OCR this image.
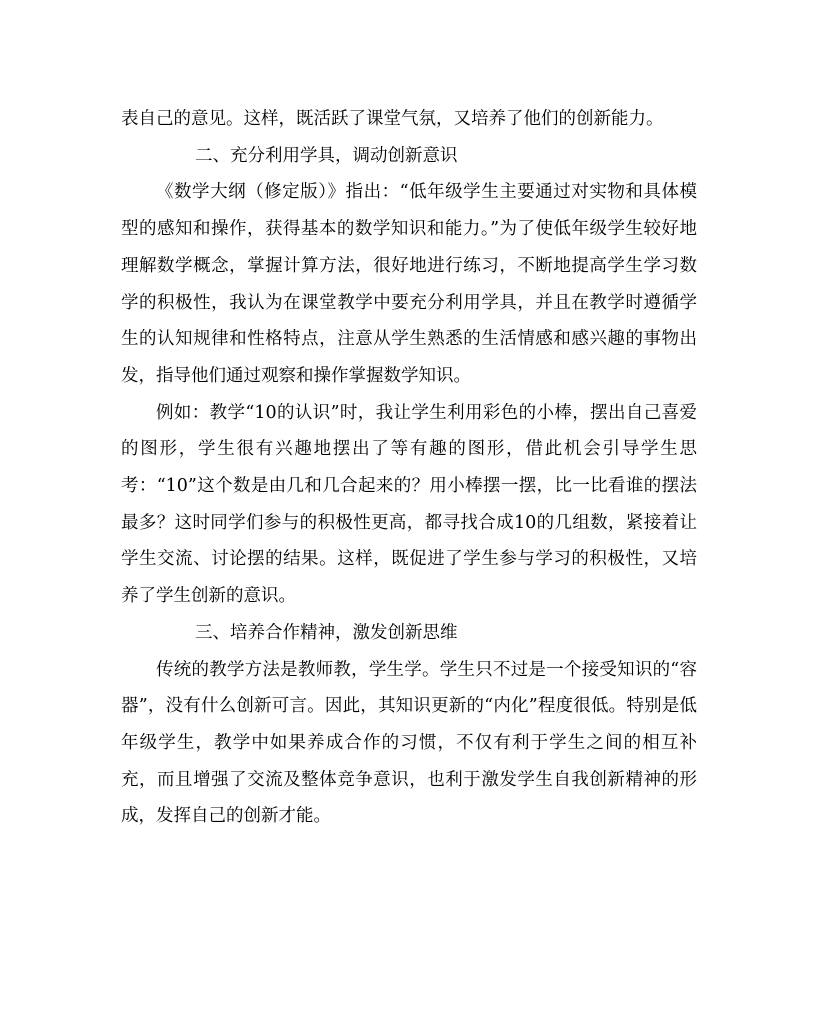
表自己的意见。这样，既活跃了课堂气氛，又培养了他们的创新能力。

二、充分利用学具，调动创新意识

《数学大纲（修定版）》指出：“低年级学生主要通过对实物和具体模型的感知和操作，获得基本的数学知识和能力。”为了使低年级学生较好地理解数学概念，掌握计算方法，很好地进行练习，不断地提高学生学习数学的积极性，我认为在课堂教学中要充分利用学具，并且在教学时遵循学生的认知规律和性格特点，注意从学生熟悉的生活情感和感兴趣的事物出发，指导他们通过观察和操作掌握数学知识。

例如：教学“10的认识”时，我让学生利用彩色的小棒，摆出自己喜爱的图形，学生很有兴趣地摆出了等有趣的图形，借此机会引导学生思考：“10”这个数是由几和几合起来的？用小棒摆一摆，比一比看谁的摆法最多？这时同学们参与的积极性更高，都寻找合成10的几组数，紧接着让学生交流、讨论摆的结果。这样，既促进了学生参与学习的积极性，又培养了学生创新的意识。

三、培养合作精神，激发创新思维

传统的教学方法是教师教，学生学。学生只不过是一个接受知识的“容器”，没有什么创新可言。因此，其知识更新的“内化”程度很低。特别是低年级学生，教学中如果养成合作的习惯，不仅有利于学生之间的相互补充，而且增强了交流及整体竞争意识，也利于激发学生自我创新精神的形成，发挥自己的创新才能。
